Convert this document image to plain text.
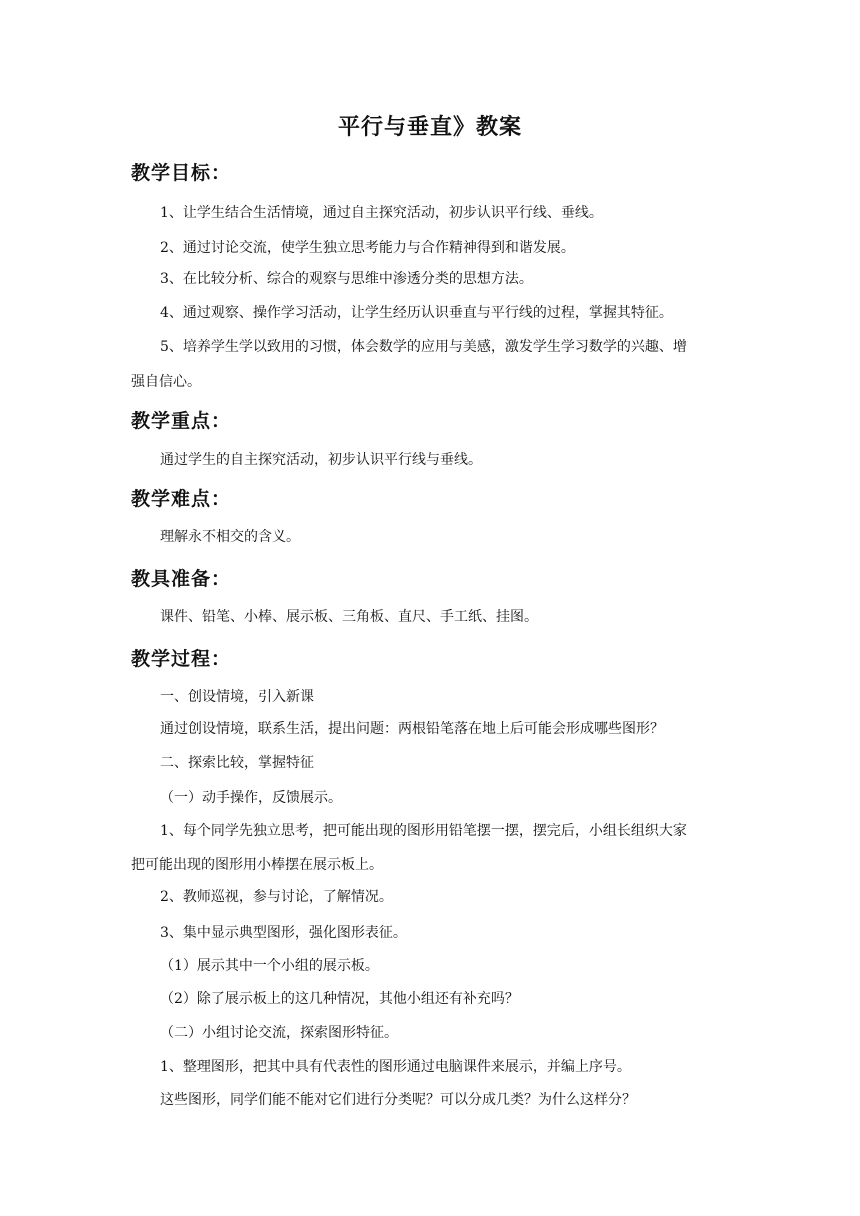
平行与垂直》教案
教学目标：

1、让学生结合生活情境，通过自主探究活动，初步认识平行线、垂线。

2、通过讨论交流，使学生独立思考能力与合作精神得到和谐发展。

3、在比较分析、综合的观察与思维中渗透分类的思想方法。

4、通过观察、操作学习活动，让学生经历认识垂直与平行线的过程，掌握其特征。

5、培养学生学以致用的习惯，体会数学的应用与美感，激发学生学习数学的兴趣、增
强自信心。

教学重点：

通过学生的自主探究活动，初步认识平行线与垂线。

教学难点：

理解永不相交的含义。

教具准备：

课件、铅笔、小棒、展示板、三角板、直尺、手工纸、挂图。

教学过程：

一、创设情境，引入新课

通过创设情境，联系生活，提出问题：两根铅笔落在地上后可能会形成哪些图形？

二、探索比较，掌握特征

（一）动手操作，反馈展示。

1、每个同学先独立思考，把可能出现的图形用铅笔摆一摆，摆完后，小组长组织大家
把可能出现的图形用小棒摆在展示板上。

2、教师巡视，参与讨论，了解情况。

3、集中显示典型图形，强化图形表征。

（1）展示其中一个小组的展示板。

（2）除了展示板上的这几种情况，其他小组还有补充吗？

（二）小组讨论交流，探索图形特征。

1、整理图形，把其中具有代表性的图形通过电脑课件来展示，并编上序号。

这些图形，同学们能不能对它们进行分类呢？可以分成几类？为什么这样分？
